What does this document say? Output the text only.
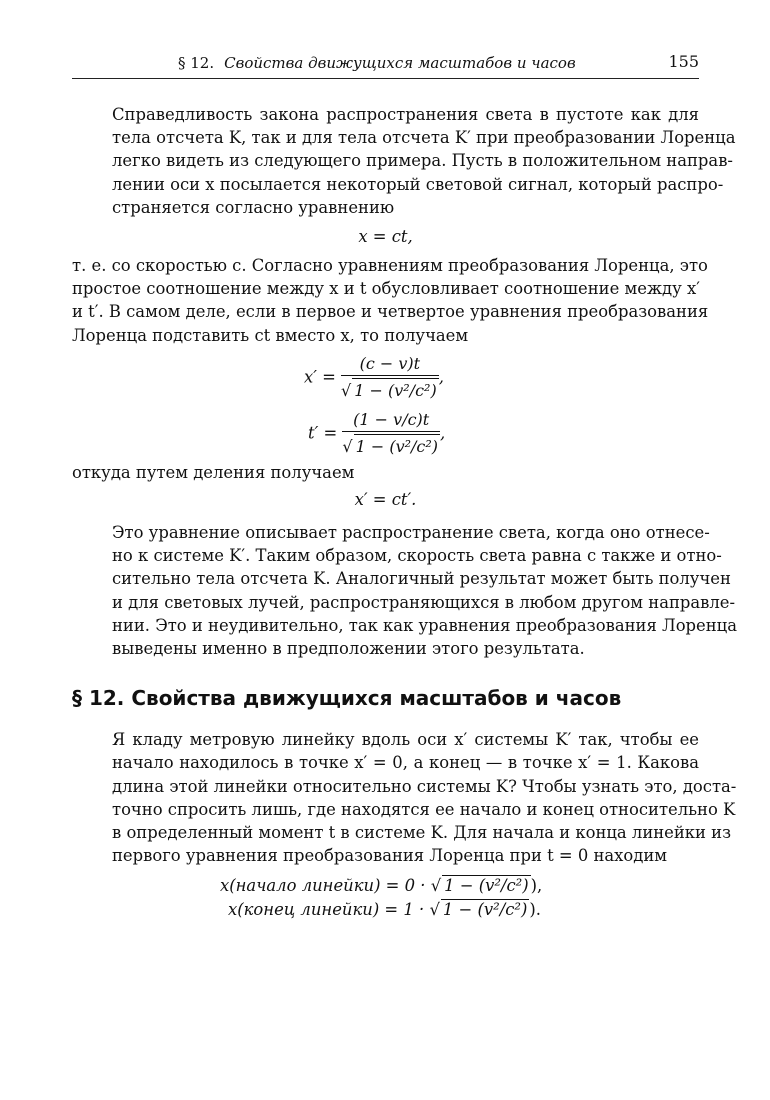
§ 12. Свойства движущихся масштабов и часов	155

Справедливость закона распространения света в пустоте как для
тела отсчета K, так и для тела отсчета K′ при преобразовании Лоренца
легко видеть из следующего примера. Пусть в положительном направ-
лении оси x посылается некоторый световой сигнал, который распро-
страняется согласно уравнению

x = ct,

т. е. со скоростью c. Согласно уравнениям преобразования Лоренца, это
простое соотношение между x и t обусловливает соотношение между x′
и t′. В самом деле, если в первое и четвертое уравнения преобразования
Лоренца подставить ct вместо x, то получаем

$x' = \frac{(c - v)t}{\text{√ 1 − (v²/c²)}}$ ,
$t' = \frac{(1 - v/c)t}{\text{√ 1 − (v²/c²)}}$ ,

откуда путем деления получаем

x′ = ct′.

Это уравнение описывает распространение света, когда оно отнесе-
но к системе K′. Таким образом, скорость света равна c также и отно-
сительно тела отсчета K. Аналогичный результат может быть получен
и для световых лучей, распространяющихся в любом другом направле-
нии. Это и неудивительно, так как уравнения преобразования Лоренца
выведены именно в предположении этого результата.

§ 12. Свойства движущихся масштабов и часов

Я кладу метровую линейку вдоль оси x′ системы K′ так, чтобы ее
начало находилось в точке x′ = 0, а конец — в точке x′ = 1. Какова
длина этой линейки относительно системы K? Чтобы узнать это, доста-
точно спросить лишь, где находятся ее начало и конец относительно K
в определенный момент t в системе K. Для начала и конца линейки из
первого уравнения преобразования Лоренца при t = 0 находим

x(начало линейки) = 0 · √ 1 − (v²/c²) ),
x(конец линейки) = 1 · √ 1 − (v²/c²) ).
